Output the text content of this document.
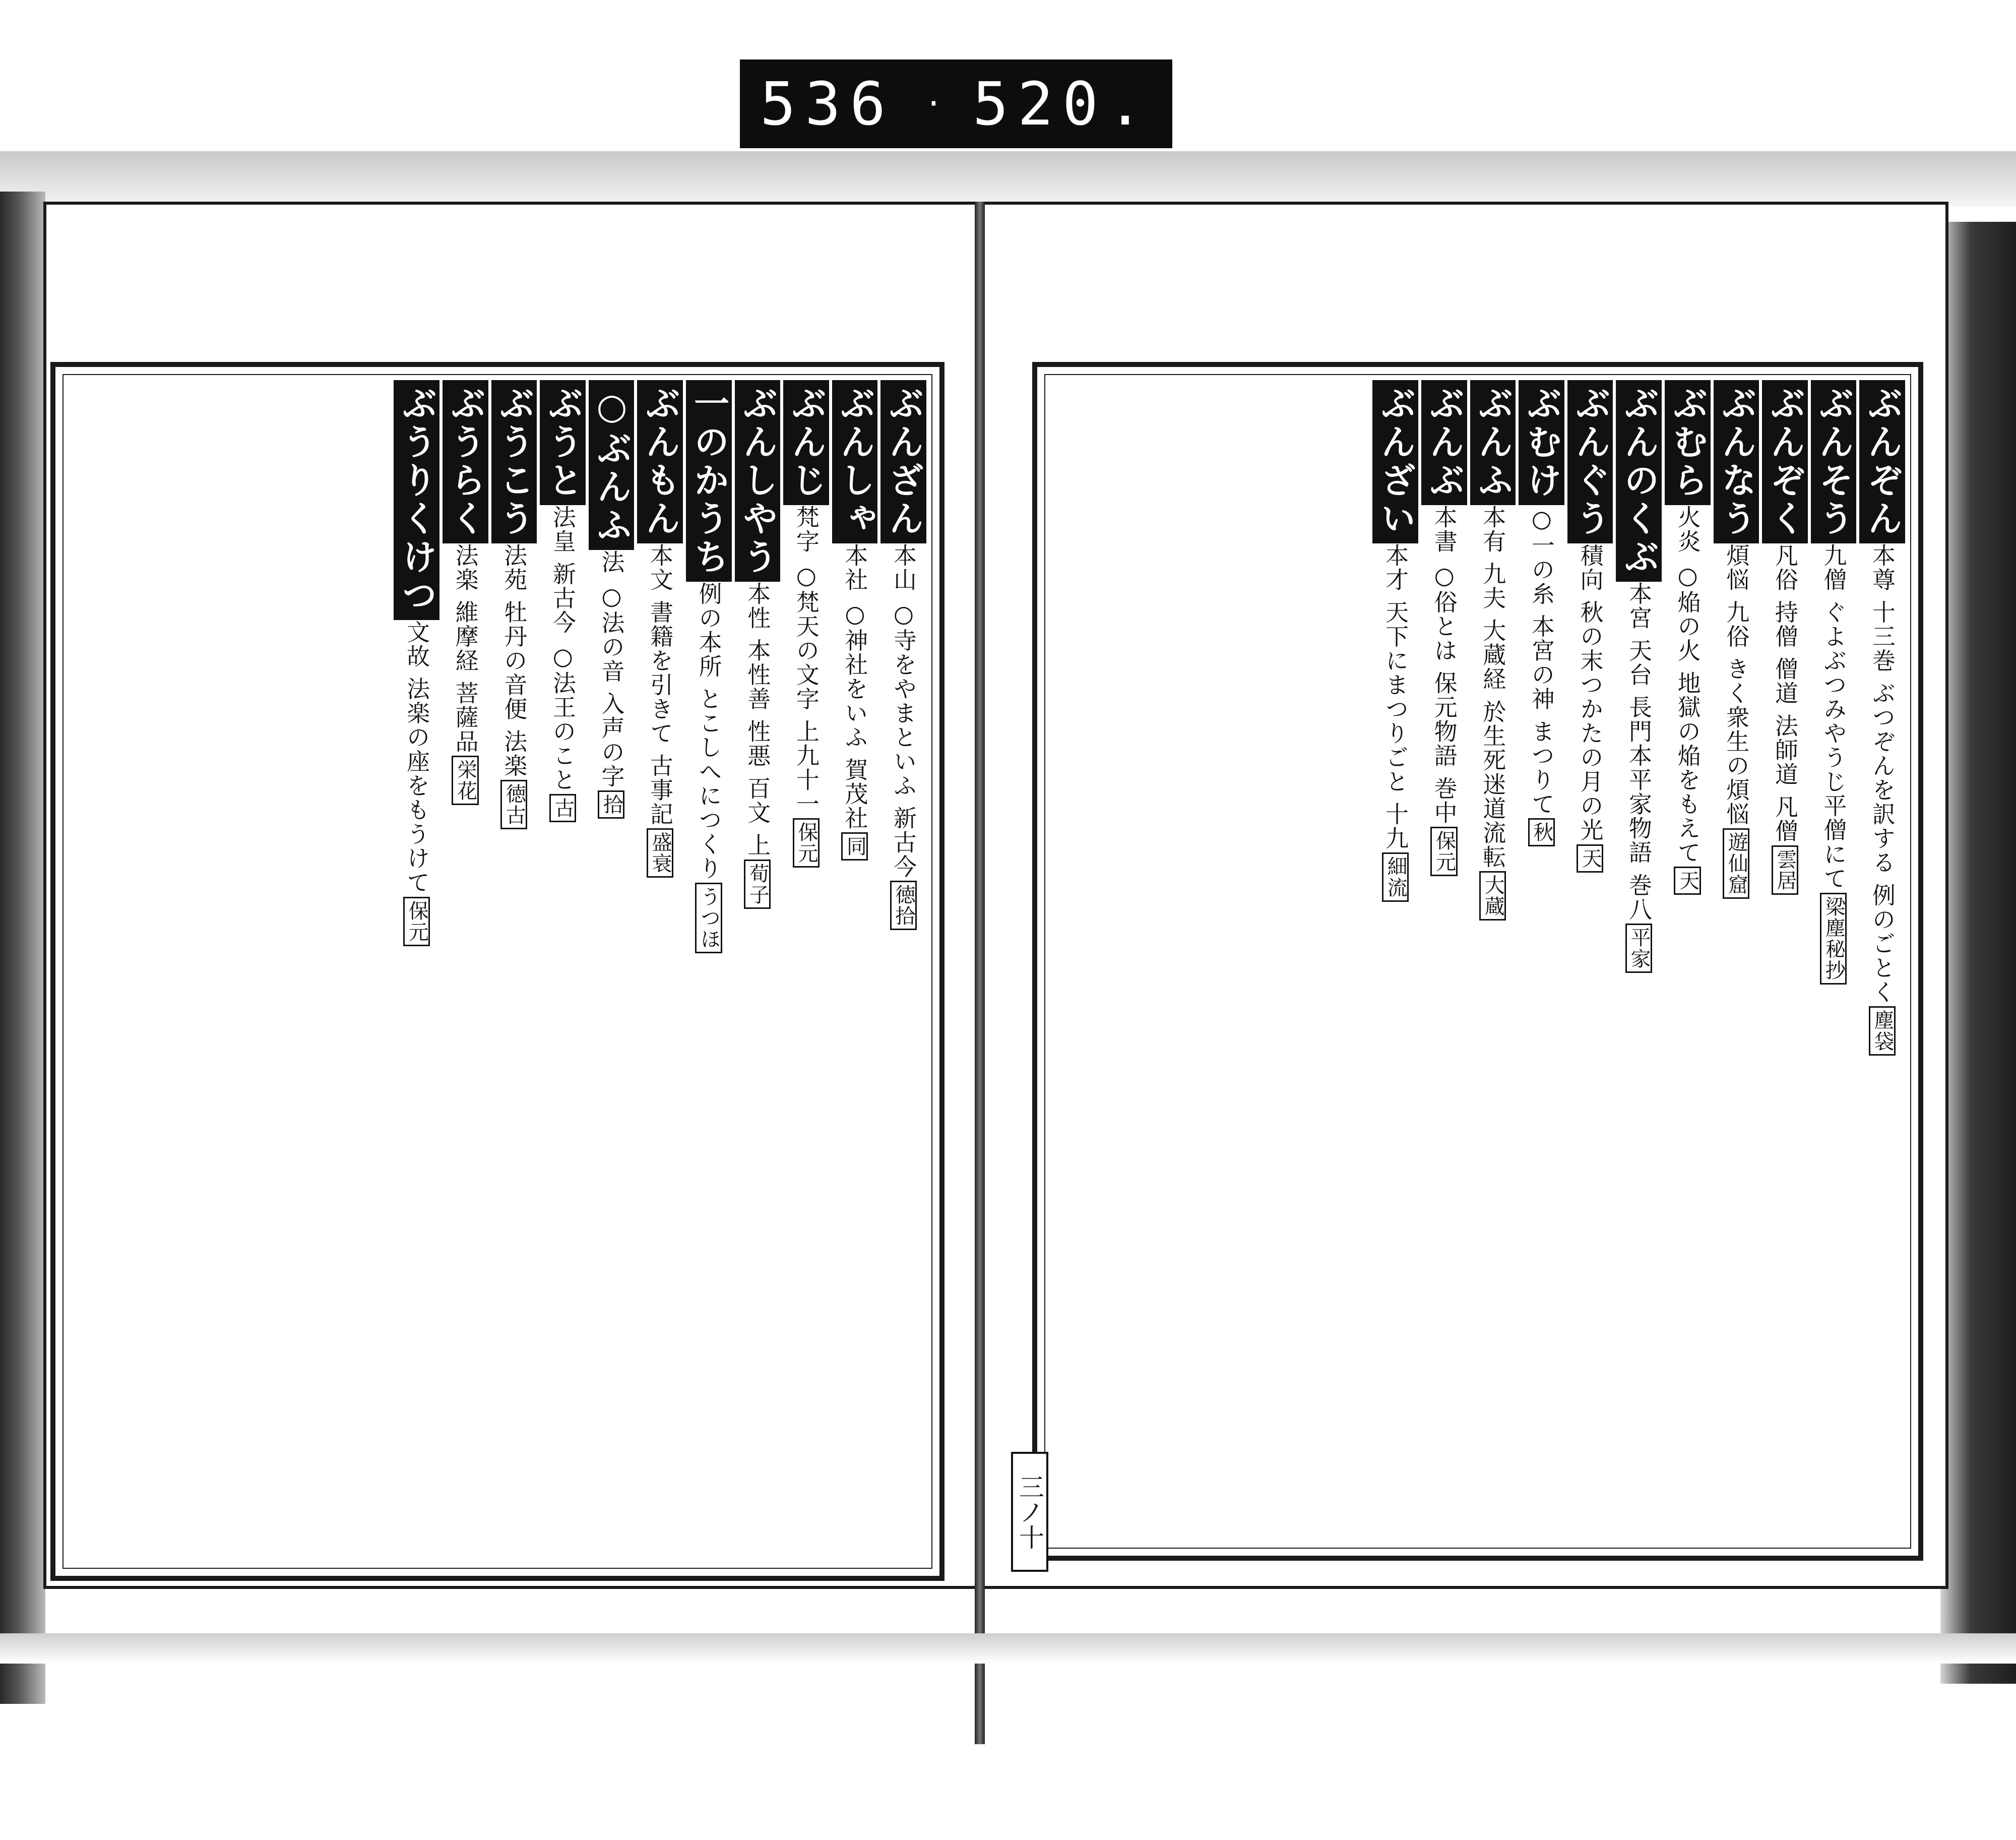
536 · 520.
ぶんざん本山 ○寺をやまといふ 新古今徳拾
ぶんしゃ本社 ○神社をいふ 賀茂社同
ぶんじ梵字 ○梵天の文字 上九十一保元
ぶんしやう本性 本性善 性悪 百文 上荀子
一のかうち例の本所 とこしへにつくりうつほ
ぶんもん本文 書籍を引きて 古事記盛衰
○ぶんふ法 ○法の音 入声の字拾
ぶうと法皇 新古今 ○法王のこと古
ぶうこう法苑 牡丹の音便 法楽徳古
ぶうらく法楽 維摩経 菩薩品栄花
ぶうりくけつ文故 法楽の座をもうけて保元
ぶんぞん本尊 十三巻 ぶつぞんを訳する 例のごとく塵袋
ぶんそう九僧 ぐよぶつみやうじ平僧にて梁塵秘抄
ぶんぞく凡俗 持僧 僧道 法師道 凡僧雲居
ぶんなう煩悩 九俗 きく衆生の煩悩遊仙窟
ぶむら火炎 ○焔の火 地獄の焔をもえて天
ぶんのくぶ本宮 天台 長門本平家物語 巻八平家
ぶんぐう積向 秋の末つかたの月の光天
ぶむけ○一の糸 本宮の神 まつりて秋
ぶんふ本有 九夫 大蔵経 於生死迷道流転大蔵
ぶんぶ本書 ○俗とは 保元物語 巻中保元
ぶんざい本才 天下にまつりごと 十九細流
三ノ十
